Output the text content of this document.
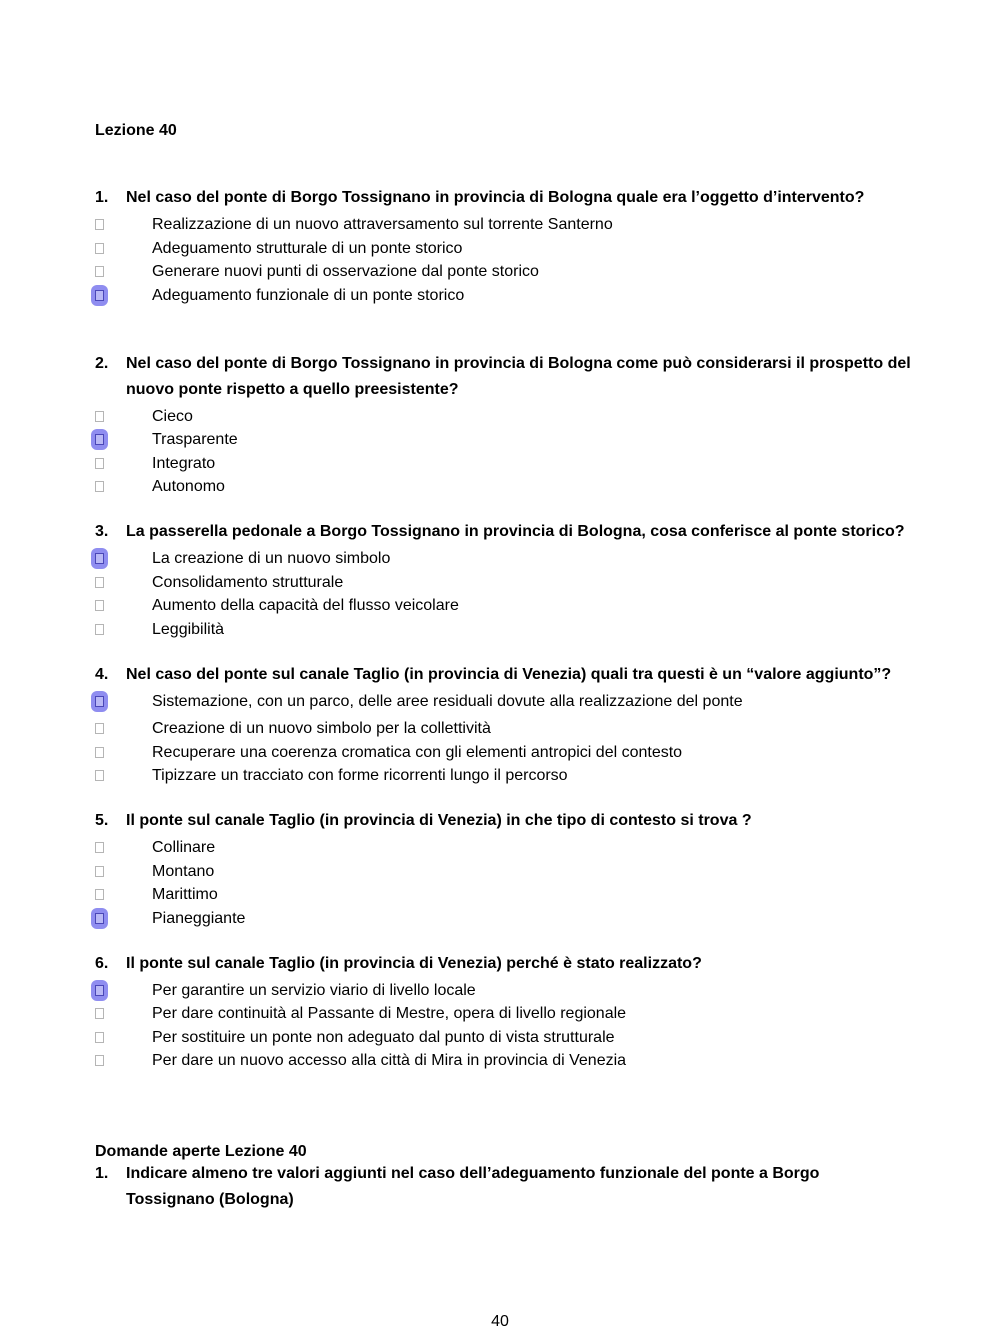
Lezione 40
1. Nel caso del ponte di Borgo Tossignano in provincia di Bologna quale era l’oggetto d’intervento?
Realizzazione di un nuovo attraversamento sul torrente Santerno
Adeguamento strutturale di un ponte storico
Generare nuovi punti di osservazione dal ponte storico
Adeguamento funzionale di un ponte storico
2. Nel caso del ponte di Borgo Tossignano in provincia di Bologna come può considerarsi il prospetto del
nuovo ponte rispetto a quello preesistente?
Cieco
Trasparente
Integrato
Autonomo
3. La passerella pedonale a Borgo Tossignano in provincia di Bologna, cosa conferisce al ponte storico?
La creazione di un nuovo simbolo
Consolidamento strutturale
Aumento della capacità del flusso veicolare
Leggibilità
4. Nel caso del ponte sul canale Taglio (in provincia di Venezia) quali tra questi è un “valore aggiunto”?
Sistemazione, con un parco, delle aree residuali dovute alla realizzazione del ponte
Creazione di un nuovo simbolo per la collettività
Recuperare una coerenza cromatica con gli elementi antropici del contesto
Tipizzare un tracciato con forme ricorrenti lungo il percorso
5. Il ponte sul canale Taglio (in provincia di Venezia) in che tipo di contesto si trova ?
Collinare
Montano
Marittimo
Pianeggiante
6. Il ponte sul canale Taglio (in provincia di Venezia) perché è stato realizzato?
Per garantire un servizio viario di livello locale
Per dare continuità al Passante di Mestre, opera di livello regionale
Per sostituire un ponte non adeguato dal punto di vista strutturale
Per dare un nuovo accesso alla città di Mira in provincia di Venezia
Domande aperte Lezione 40
1. Indicare almeno tre valori aggiunti nel caso dell’adeguamento funzionale del ponte a Borgo
Tossignano (Bologna)
40
